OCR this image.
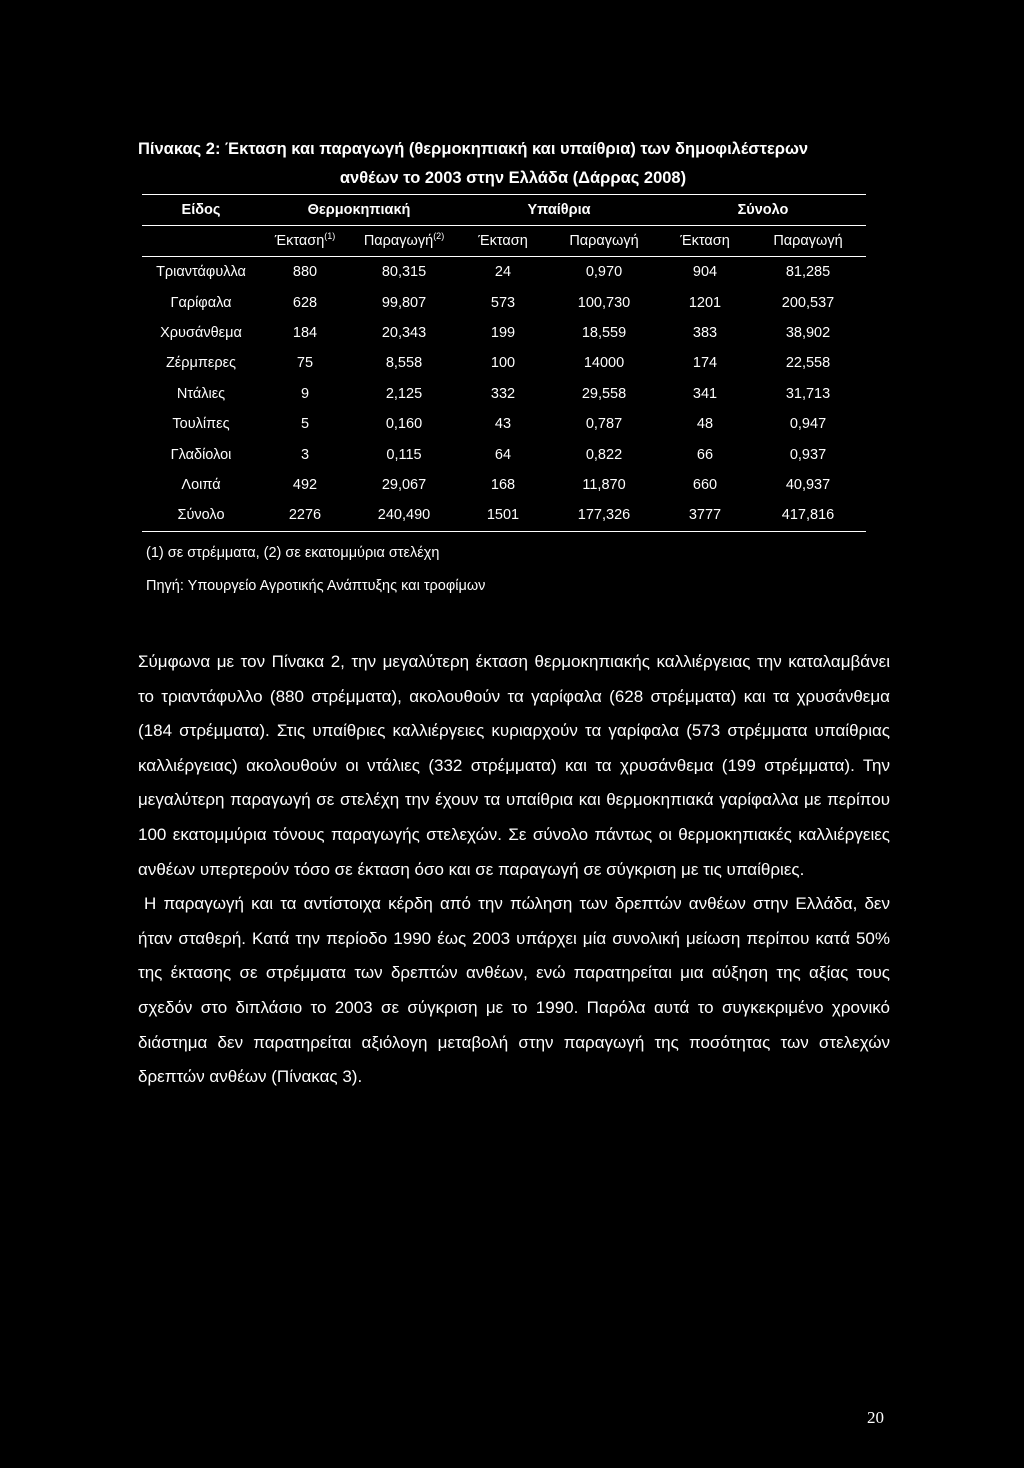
Πίνακας 2: Έκταση και παραγωγή (θερμοκηπιακή και υπαίθρια) των δημοφιλέστερων
ανθέων το 2003 στην Ελλάδα (Δάρρας 2008)
Είδος	Θερμοκηπιακή		Υπαίθρια		Σύνολο	
	Έκταση$^{(1)}$	Παραγωγή$^{(2)}$	Έκταση	Παραγωγή	Έκταση	Παραγωγή
Τριαντάφυλλα	880	80,315	24	0,970	904	81,285
Γαρίφαλα	628	99,807	573	100,730	1201	200,537
Χρυσάνθεμα	184	20,343	199	18,559	383	38,902
Ζέρμπερες	75	8,558	100	14000	174	22,558
Ντάλιες	9	2,125	332	29,558	341	31,713
Τουλίπες	5	0,160	43	0,787	48	0,947
Γλαδίολοι	3	0,115	64	0,822	66	0,937
Λοιπά	492	29,067	168	11,870	660	40,937
Σύνολο	2276	240,490	1501	177,326	3777	417,816
(1) σε στρέμματα, (2) σε εκατομμύρια στελέχη
Πηγή: Υπουργείο Αγροτικής Ανάπτυξης και τροφίμων

Σύμφωνα με τον Πίνακα 2, την μεγαλύτερη έκταση θερμοκηπιακής καλλιέργειας την καταλαμβάνει το τριαντάφυλλο (880 στρέμματα), ακολουθούν τα γαρίφαλα (628 στρέμματα) και τα χρυσάνθεμα (184 στρέμματα). Στις υπαίθριες καλλιέργειες κυριαρχούν τα γαρίφαλα (573 στρέμματα υπαίθριας καλλιέργειας) ακολουθούν οι ντάλιες (332 στρέμματα) και τα χρυσάνθεμα (199 στρέμματα). Την μεγαλύτερη παραγωγή σε στελέχη την έχουν τα υπαίθρια και θερμοκηπιακά γαρίφαλλα με περίπου 100 εκατομμύρια τόνους παραγωγής στελεχών. Σε σύνολο πάντως οι θερμοκηπιακές καλλιέργειες ανθέων υπερτερούν τόσο σε έκταση όσο και σε παραγωγή σε σύγκριση με τις υπαίθριες.

Η παραγωγή και τα αντίστοιχα κέρδη από την πώληση των δρεπτών ανθέων στην Ελλάδα, δεν ήταν σταθερή. Κατά την περίοδο 1990 έως 2003 υπάρχει μία συνολική μείωση περίπου κατά 50% της έκτασης σε στρέμματα των δρεπτών ανθέων, ενώ παρατηρείται μια αύξηση της αξίας τους σχεδόν στο διπλάσιο το 2003 σε σύγκριση με το 1990. Παρόλα αυτά το συγκεκριμένο χρονικό διάστημα δεν παρατηρείται αξιόλογη μεταβολή στην παραγωγή της ποσότητας των στελεχών δρεπτών ανθέων (Πίνακας 3).

20
